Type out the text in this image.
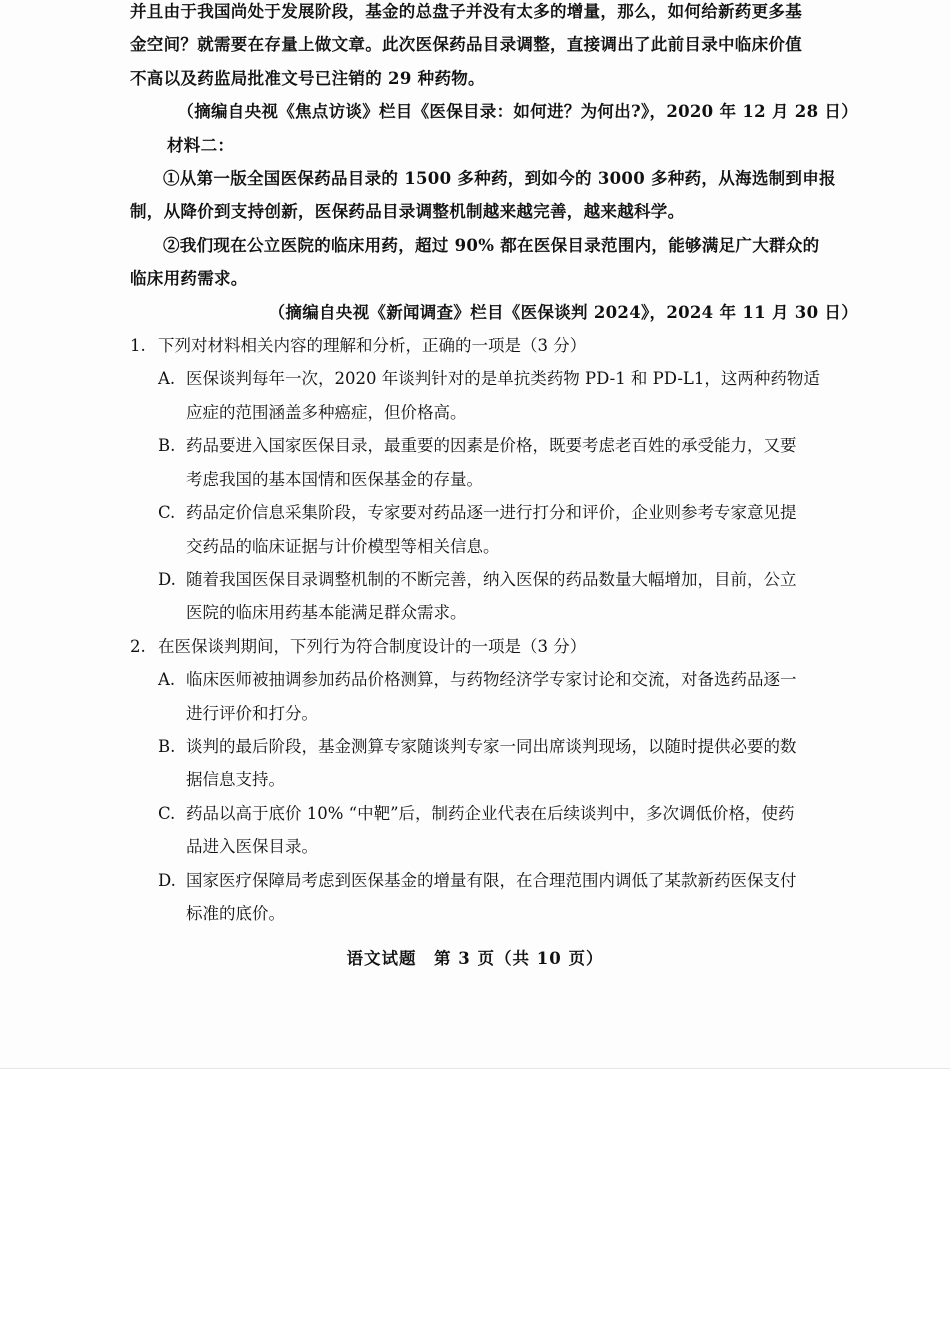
并且由于我国尚处于发展阶段，基金的总盘子并没有太多的增量，那么，如何给新药更多基
金空间？就需要在存量上做文章。此次医保药品目录调整，直接调出了此前目录中临床价值
不高以及药监局批准文号已注销的 29 种药物。
（摘编自央视《焦点访谈》栏目《医保目录：如何进？为何出?》，2020 年 12 月 28 日）
材料二：
①从第一版全国医保药品目录的 1500 多种药，到如今的 3000 多种药，从海选制到申报
制，从降价到支持创新，医保药品目录调整机制越来越完善，越来越科学。
②我们现在公立医院的临床用药，超过 90% 都在医保目录范围内，能够满足广大群众的
临床用药需求。
（摘编自央视《新闻调查》栏目《医保谈判 2024》，2024 年 11 月 30 日）
1. 下列对材料相关内容的理解和分析，正确的一项是（3 分）
A. 医保谈判每年一次，2020 年谈判针对的是单抗类药物 PD-1 和 PD-L1，这两种药物适
应症的范围涵盖多种癌症，但价格高。
B. 药品要进入国家医保目录，最重要的因素是价格，既要考虑老百姓的承受能力，又要
考虑我国的基本国情和医保基金的存量。
C. 药品定价信息采集阶段，专家要对药品逐一进行打分和评价，企业则参考专家意见提
交药品的临床证据与计价模型等相关信息。
D. 随着我国医保目录调整机制的不断完善，纳入医保的药品数量大幅增加，目前，公立
医院的临床用药基本能满足群众需求。
2. 在医保谈判期间，下列行为符合制度设计的一项是（3 分）
A. 临床医师被抽调参加药品价格测算，与药物经济学专家讨论和交流，对备选药品逐一
进行评价和打分。
B. 谈判的最后阶段，基金测算专家随谈判专家一同出席谈判现场，以随时提供必要的数
据信息支持。
C. 药品以高于底价 10% “中靶”后，制药企业代表在后续谈判中，多次调低价格，使药
品进入医保目录。
D. 国家医疗保障局考虑到医保基金的增量有限，在合理范围内调低了某款新药医保支付
标准的底价。
语文试题　第 3 页（共 10 页）
